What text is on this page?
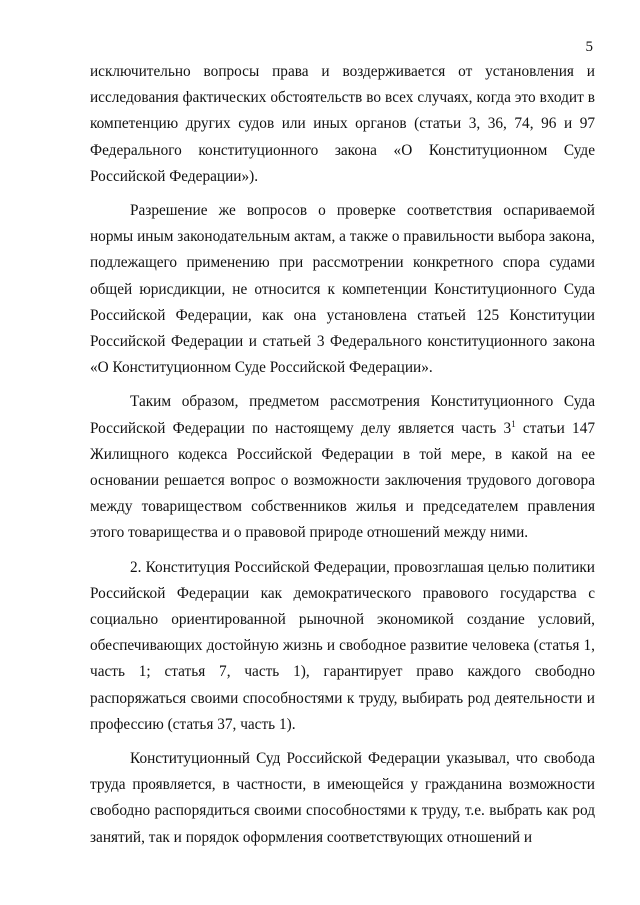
5

исключительно вопросы права и воздерживается от установления и исследования фактических обстоятельств во всех случаях, когда это входит в компетенцию других судов или иных органов (статьи 3, 36, 74, 96 и 97 Федерального конституционного закона «О Конституционном Суде Российской Федерации»).

Разрешение же вопросов о проверке соответствия оспариваемой нормы иным законодательным актам, а также о правильности выбора закона, подлежащего применению при рассмотрении конкретного спора судами общей юрисдикции, не относится к компетенции Конституционного Суда Российской Федерации, как она установлена статьей 125 Конституции Российской Федерации и статьей 3 Федерального конституционного закона «О Конституционном Суде Российской Федерации».

Таким образом, предметом рассмотрения Конституционного Суда Российской Федерации по настоящему делу является часть $3^1$ статьи 147 Жилищного кодекса Российской Федерации в той мере, в какой на ее основании решается вопрос о возможности заключения трудового договора между товариществом собственников жилья и председателем правления этого товарищества и о правовой природе отношений между ними.

2. Конституция Российской Федерации, провозглашая целью политики Российской Федерации как демократического правового государства с социально ориентированной рыночной экономикой создание условий, обеспечивающих достойную жизнь и свободное развитие человека (статья 1, часть 1; статья 7, часть 1), гарантирует право каждого свободно распоряжаться своими способностями к труду, выбирать род деятельности и профессию (статья 37, часть 1).

Конституционный Суд Российской Федерации указывал, что свобода труда проявляется, в частности, в имеющейся у гражданина возможности свободно распорядиться своими способностями к труду, т.е. выбрать как род занятий, так и порядок оформления соответствующих отношений и
